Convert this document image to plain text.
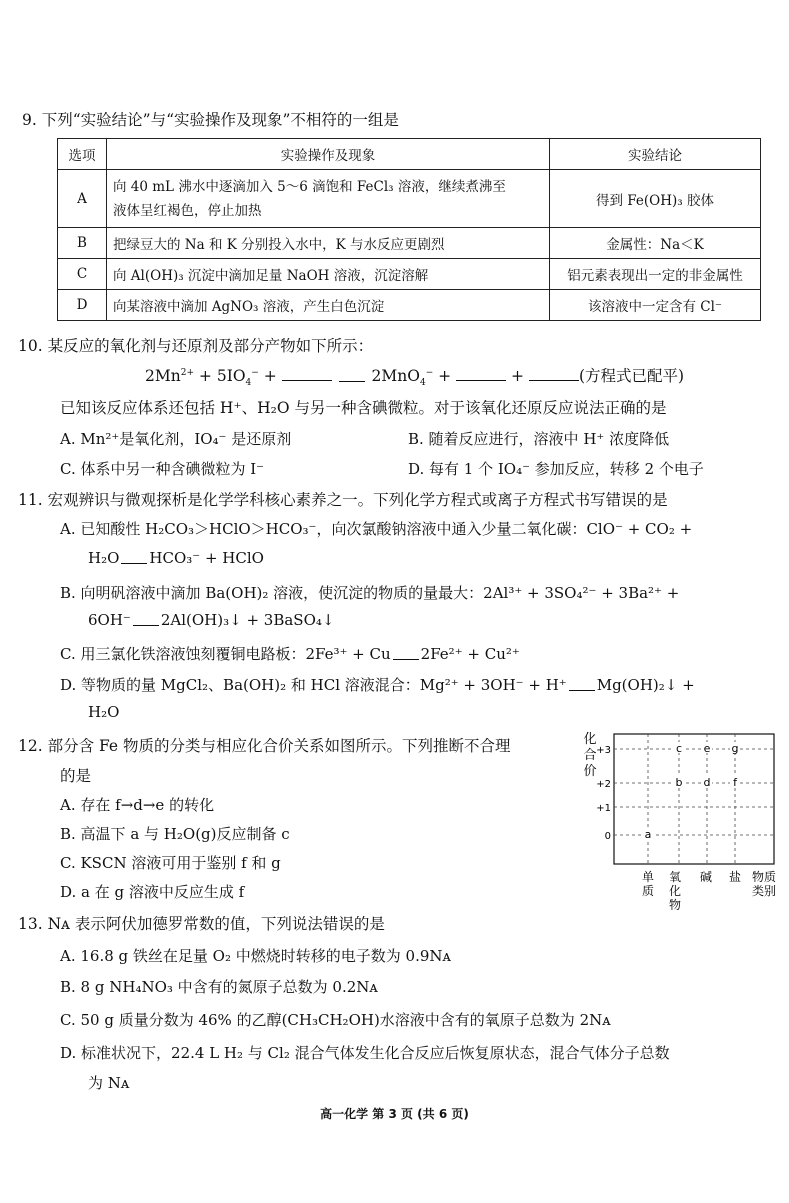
9. 下列“实验结论”与“实验操作及现象”不相符的一组是
选项	实验操作及现象	实验结论
A	向 40 mL 沸水中逐滴加入 5～6 滴饱和 FeCl₃ 溶液，继续煮沸至
液体呈红褐色，停止加热	得到 Fe(OH)₃ 胶体
B	把绿豆大的 Na 和 K 分别投入水中，K 与水反应更剧烈	金属性：Na＜K
C	向 Al(OH)₃ 沉淀中滴加足量 NaOH 溶液，沉淀溶解	铝元素表现出一定的非金属性
D	向某溶液中滴加 AgNO₃ 溶液，产生白色沉淀	该溶液中一定含有 Cl⁻
10. 某反应的氧化剂与还原剂及部分产物如下所示：
$2Mn^{2+} + 5IO_4^-$ +	2MnO$_4$− +	+	(方程式已配平)
已知该反应体系还包括 H⁺、H₂O 与另一种含碘微粒。对于该氧化还原反应说法正确的是
A. Mn²⁺是氧化剂，IO₄⁻ 是还原剂	B. 随着反应进行，溶液中 H⁺ 浓度降低
C. 体系中另一种含碘微粒为 I⁻	D. 每有 1 个 IO₄⁻ 参加反应，转移 2 个电子
11. 宏观辨识与微观探析是化学学科核心素养之一。下列化学方程式或离子方程式书写错误的是
A. 已知酸性 H₂CO₃＞HClO＞HCO₃⁻，向次氯酸钠溶液中通入少量二氧化碳：ClO⁻ + CO₂ +
H₂O HCO₃⁻ + HClO
B. 向明矾溶液中滴加 Ba(OH)₂ 溶液，使沉淀的物质的量最大：2Al³⁺ + 3SO₄²⁻ + 3Ba²⁺ +
6OH⁻ 2Al(OH)₃↓ + 3BaSO₄↓
C. 用三氯化铁溶液蚀刻覆铜电路板：2Fe³⁺ + Cu 2Fe²⁺ + Cu²⁺
D. 等物质的量 MgCl₂、Ba(OH)₂ 和 HCl 溶液混合：Mg²⁺ + 3OH⁻ + H⁺ Mg(OH)₂↓ +
H₂O
12. 部分含 Fe 物质的分类与相应化合价关系如图所示。下列推断不合理
的是
A. 存在 f→d→e 的转化
B. 高温下 a 与 H₂O(g)反应制备 c
C. KSCN 溶液可用于鉴别 f 和 g
D. a 在 g 溶液中反应生成 f
化
合
价
+3
+2
+1
0
c e g
b d f
a
单
质
氧
化
物
碱 盐 物质
类别
13. Nᴀ 表示阿伏加德罗常数的值，下列说法错误的是
A. 16.8 g 铁丝在足量 O₂ 中燃烧时转移的电子数为 0.9Nᴀ
B. 8 g NH₄NO₃ 中含有的氮原子总数为 0.2Nᴀ
C. 50 g 质量分数为 46% 的乙醇(CH₃CH₂OH)水溶液中含有的氧原子总数为 2Nᴀ
D. 标准状况下，22.4 L H₂ 与 Cl₂ 混合气体发生化合反应后恢复原状态，混合气体分子总数
为 Nᴀ
高一化学 第 3 页 (共 6 页)
